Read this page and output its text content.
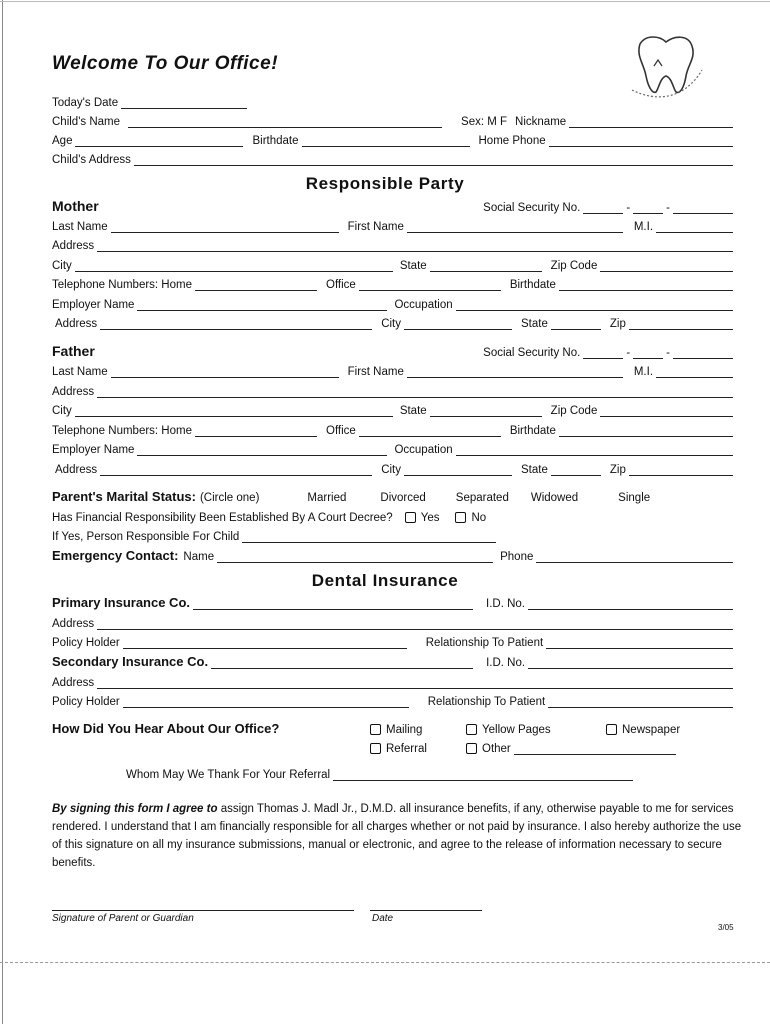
Welcome To Our Office!
Today's Date
Child's Name	Sex: M F Nickname
Age	Birthdate	Home Phone
Child's Address
Responsible Party
Mother	Social Security No.	-	-
Last Name	First Name	M.I.
Address
City	State	Zip Code
Telephone Numbers: Home	Office	Birthdate
Employer Name	Occupation
Address	City	State	Zip
Father	Social Security No.	-	-
Last Name	First Name	M.I.
Address
City	State	Zip Code
Telephone Numbers: Home	Office	Birthdate
Employer Name	Occupation
Address	City	State	Zip
Parent's Marital Status: (Circle one)	Married	Divorced	Separated Widowed	Single
Has Financial Responsibility Been Established By A Court Decree? Yes	No
If Yes, Person Responsible For Child
Emergency Contact: Name	Phone
Dental Insurance
Primary Insurance Co.	I.D. No.
Address
Policy Holder	Relationship To Patient
Secondary Insurance Co.	I.D. No.
Address
Policy Holder	Relationship To Patient
How Did You Hear About Our Office?	Mailing	Yellow Pages	Newspaper
Referral	Other
Whom May We Thank For Your Referral
By signing this form I agree to assign Thomas J. Madl Jr., D.M.D. all insurance benefits, if any, otherwise payable to me for services rendered. I understand that I am financially responsible for all charges whether or not paid by insurance. I also hereby authorize the use of this signature on all my insurance submissions, manual or electronic, and agree to the release of information necessary to secure benefits.
Signature of Parent or Guardian	Date
3/05
